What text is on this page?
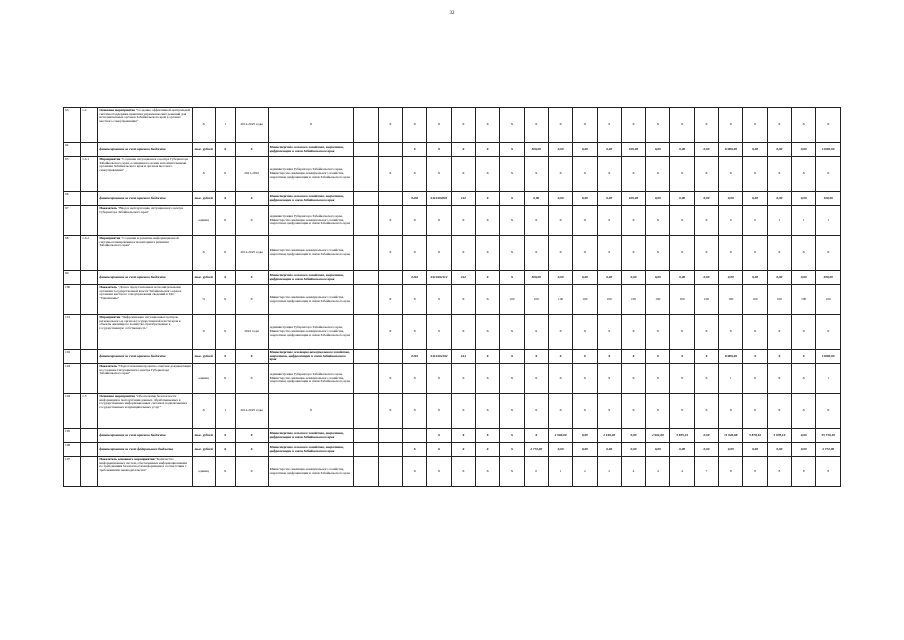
32
93	1.4	Основное мероприятие "Создание эффективной центральной системы поддержки принятия управленческих решений для исполнительных органов Забайкальского края в органах местного самоуправления"	X	1	2014-2025 годы	X		X	X	X	X	X	X	X	X	X	X	X	X	X	X	X	X	X	X	X
94		финансирование за счет краевого бюджета	тыс. рублей	X	X	Министерство сельского хозяйства, энергетики, цифровизации и связи Забайкальского края			X	X	X	X	X	300,00	0,00	0,00	0,00	100,00	0,00	0,00	0,00	11000,00	0,00	0,00	0,00	11000,00
95	1.4.1	Мероприятие "Создание ситуационного центра Губернатора Забайкальского края, оснащенного всеми исполнительными органами Забайкальского края и органов местного самоуправления"	X	X	2021-2022	Администрация Губернатора Забайкальского края, Министерство жилищно-коммунального хозяйства, энергетики, цифровизации и связи Забайкальского края		X	X	X	X	X	X	X	X	X	X	X	X	X	X	X	X	X	X	X
96		финансирование за счет краевого бюджета	тыс. рублей	X	X	Министерство сельского хозяйства, энергетики, цифровизации и связи Забайкальского края			0430	0410404001	242	X	X	0,00	0,00	0,00	0,00	100,00	0,00	0,00	0,00	0,00	0,00	0,00	0,00	100,00
97		Показатель "Ввод в эксплуатацию ситуационного центра Губернатора Забайкальского края"	единиц	X	X	Администрация Губернатора Забайкальского края, Министерство жилищно-коммунального хозяйства, энергетики, цифровизации и связи Забайкальского края		X	X	X	X	X	X	X	X	X	X	X	X	X	X	0	0	1	1	1
98	1.4.2	Мероприятие "Создание и развитие информационной системы планирования и мониторинга развития Забайкальского края"	X	X	2014-2025 годы	Министерство жилищно-коммунального хозяйства, энергетики, цифровизации и связи Забайкальского края		X	X	X	X	X	X	X	X	X	X	X	X	X	X	X	X	X	X	X
99		финансирование за счет краевого бюджета	тыс. рублей	X	X	Министерство сельского хозяйства, энергетики, цифровизации и связи Забайкальского края			0410	0410404112	242	X	X	300,00	0,00	0,00	0,00	0,00	0,00	0,00	0,00	0,00	0,00	0,00	0,00	300,00
100		Показатель "Доля в представленных исполнительными органами государственной власти Забайкальского края и органами местного самоуправления сведений в ГАС "Управление"	%	X	X	Министерство жилищно-коммунального хозяйства, энергетики, цифровизации и связи Забайкальского края		X	X	X	X	X	100	100	100	100	100	100	100	100	100	100	100	100	100	100
101		Мероприятие "Цифровизация ситуационных центров регионального и органов государственной власти края в объекты жилищного хозяйства, приобретаемые в государственную собственность"	X	X	2022 годы	Администрация Губернатора Забайкальского края, Министерство жилищно-коммунального хозяйства, энергетики, цифровизации и связи Забайкальского края		X	X	X	X	X	X	X	X	X	X	X	X	X	X	X	X	X	X	X
102		финансирование за счет краевого бюджета	тыс. рублей	X	X	Министерство жилищно-коммунального хозяйства, энергетики, цифровизации и связи Забайкальского края			0410	0410404102	244	X	X	X	X	X	X	X	X	X	X	11000,00	X	X	X	11000,00
103		Показатель "Подготовленная проектно-сметная документация на создание Ситуационного центра Губернатора Забайкальского края"	единиц	X	X	Администрация Губернатора Забайкальского края, Министерство жилищно-коммунального хозяйства, энергетики, цифровизации и связи Забайкальского края		X	X	X	X	X	X	X	X	X	X	X	X	X	X	1	X	X	X	1
104	1.5	Основное мероприятие "Обеспечение безопасности информации в эксплуатации данных, обрабатываемых в государственных информационных системах подключенных государственных и муниципальных услуг"	X	1	2014-2025 годы	X		X	X	X	X	X	X	X	X	X	X	X	X	X	X	X	X	X	X	X
105		финансирование за счет краевого бюджета	тыс. рублей	X	X	Министерство сельского хозяйства, энергетики, цифровизации и связи Забайкальского края				X	X	X	X	X	2 900,00	0,00	2 190,00	0,00	4 961,00	5 855,19	0,00	11 926,88	5 878,16	5 878,16	0,00	35 710,20
106		финансирование за счет федерального бюджета	тыс. рублей	X	X	Министерство сельского хозяйства, энергетики, цифровизации и связи Забайкальского края			X	X	X	X	X	2 772,00	0,00	0,00	0,00	0,00	0,00	0,00	0,00	0,00	0,00	0,00	0,00	2 772,00
107		Показатель основного мероприятия "Количество информационных систем, обеспеченных информационными по требованиям безопасности информации в соответствии с требованиями законодательства"	единиц	X	X	Министерство жилищно-коммунального хозяйства, энергетики, цифровизации и связи Забайкальского края			X	X	X	X	X	0	1	2	2	4	4	4	7	8	8	8	8	8
